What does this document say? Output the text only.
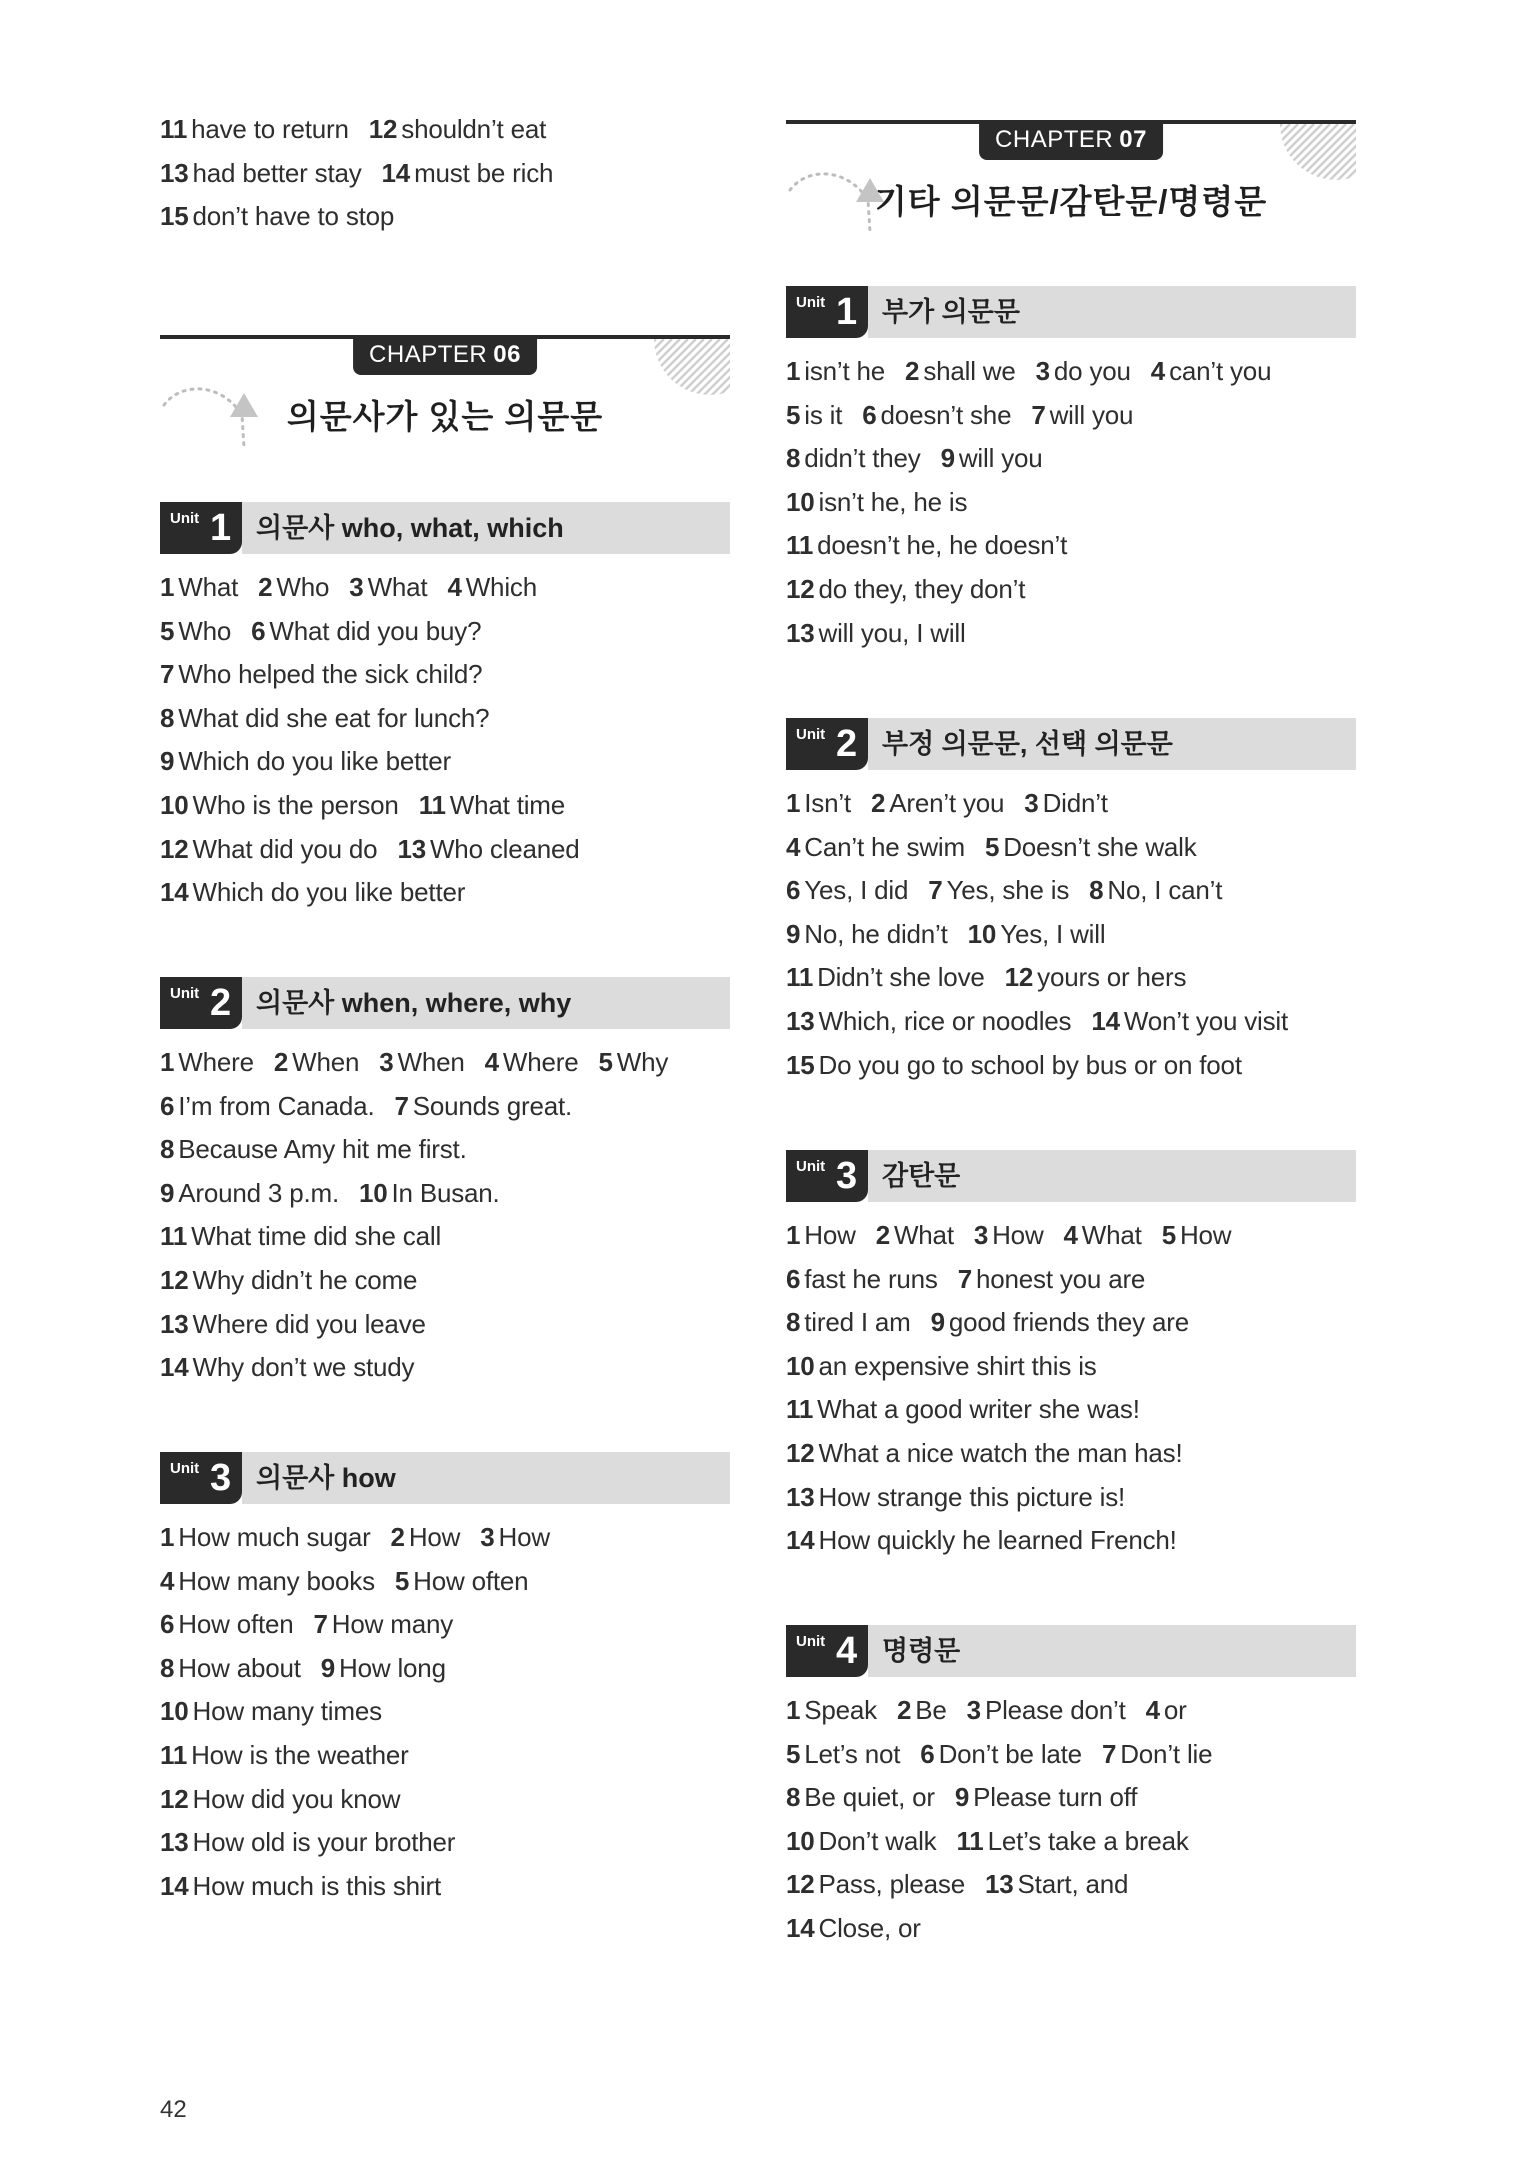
11 have to return 12 shouldn’t eat
13 had better stay 14 must be rich
15 don’t have to stop
CHAPTER 06
의문사가 있는 의문문
Unit 1 의문사 who, what, which
1 What 2 Who 3 What 4 Which
5 Who 6 What did you buy?
7 Who helped the sick child?
8 What did she eat for lunch?
9 Which do you like better
10 Who is the person 11 What time
12 What did you do 13 Who cleaned
14 Which do you like better
Unit 2 의문사 when, where, why
1 Where 2 When 3 When 4 Where 5 Why
6 I’m from Canada. 7 Sounds great.
8 Because Amy hit me first.
9 Around 3 p.m. 10 In Busan.
11 What time did she call
12 Why didn’t he come
13 Where did you leave
14 Why don’t we study
Unit 3 의문사 how
1 How much sugar 2 How 3 How
4 How many books 5 How often
6 How often 7 How many
8 How about 9 How long
10 How many times
11 How is the weather
12 How did you know
13 How old is your brother
14 How much is this shirt
CHAPTER 07
기타 의문문/감탄문/명령문
Unit 1 부가 의문문
1 isn’t he 2 shall we 3 do you 4 can’t you
5 is it 6 doesn’t she 7 will you
8 didn’t they 9 will you
10 isn’t he, he is
11 doesn’t he, he doesn’t
12 do they, they don’t
13 will you, I will
Unit 2 부정 의문문, 선택 의문문
1 Isn’t 2 Aren’t you 3 Didn’t
4 Can’t he swim 5 Doesn’t she walk
6 Yes, I did 7 Yes, she is 8 No, I can’t
9 No, he didn’t 10 Yes, I will
11 Didn’t she love 12 yours or hers
13 Which, rice or noodles 14 Won’t you visit
15 Do you go to school by bus or on foot
Unit 3 감탄문
1 How 2 What 3 How 4 What 5 How
6 fast he runs 7 honest you are
8 tired I am 9 good friends they are
10 an expensive shirt this is
11 What a good writer she was!
12 What a nice watch the man has!
13 How strange this picture is!
14 How quickly he learned French!
Unit 4 명령문
1 Speak 2 Be 3 Please don’t 4 or
5 Let’s not 6 Don’t be late 7 Don’t lie
8 Be quiet, or 9 Please turn off
10 Don’t walk 11 Let’s take a break
12 Pass, please 13 Start, and
14 Close, or
42
